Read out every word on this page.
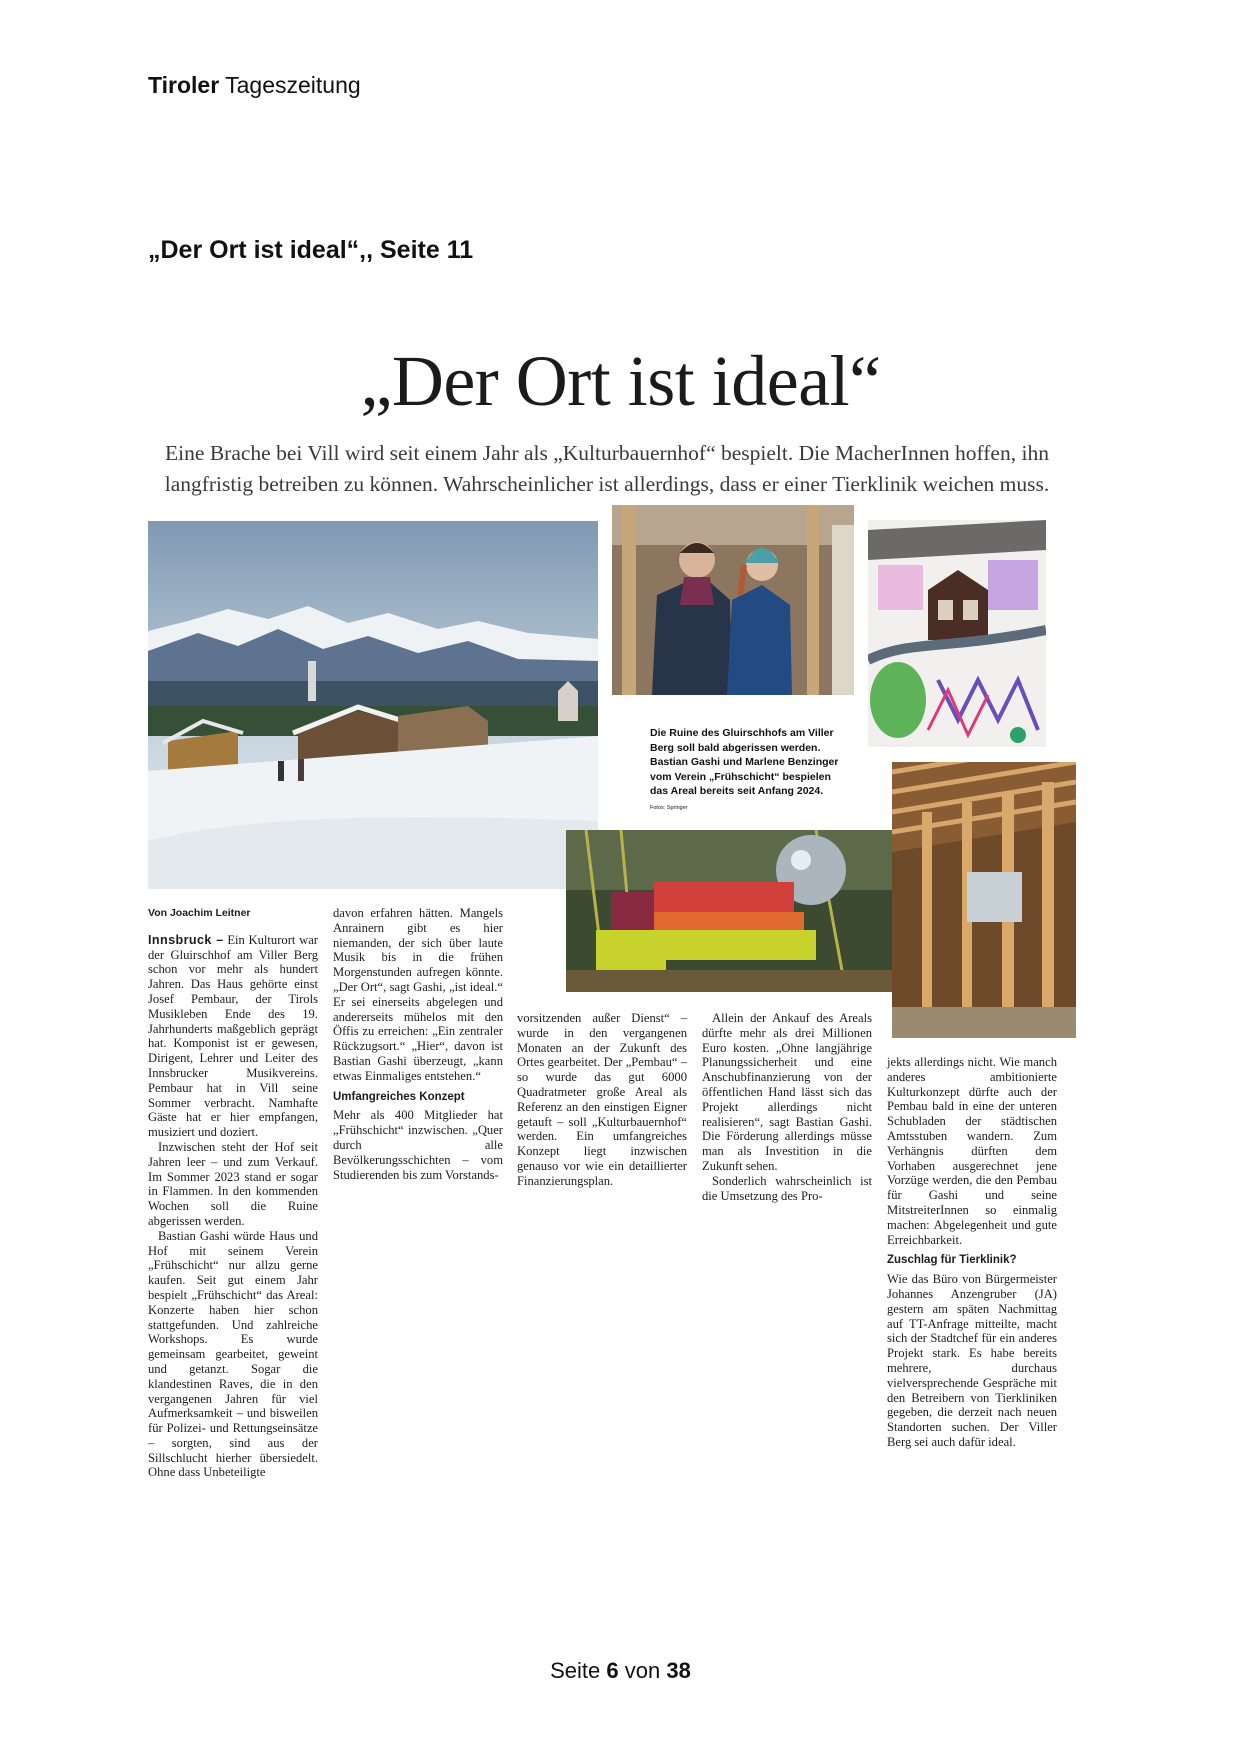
Tiroler Tageszeitung
„Der Ort ist ideal“‚, Seite 11
„Der Ort ist ideal“
Eine Brache bei Vill wird seit einem Jahr als „Kulturbauernhof“ bespielt. Die MacherInnen hoffen, ihn langfristig betreiben zu können. Wahrscheinlicher ist allerdings, dass er einer Tierklinik weichen muss.
Die Ruine des Gluirschhofs am Viller Berg soll bald abgerissen werden. Bastian Gashi und Marlene Benzinger vom Verein „Frühschicht“ bespielen das Areal bereits seit Anfang 2024. Fotos: Springer
Von Joachim Leitner

Innsbruck – Ein Kulturort war der Gluirschhof am Viller Berg schon vor mehr als hundert Jahren. Das Haus gehörte einst Josef Pembaur, der Tirols Musikleben Ende des 19. Jahrhunderts maßgeblich geprägt hat. Komponist ist er gewesen, Dirigent, Lehrer und Leiter des Innsbrucker Musikvereins. Pembaur hat in Vill seine Sommer verbracht. Namhafte Gäste hat er hier empfangen, musiziert und doziert.

Inzwischen steht der Hof seit Jahren leer – und zum Verkauf. Im Sommer 2023 stand er sogar in Flammen. In den kommenden Wochen soll die Ruine abgerissen werden.

Bastian Gashi würde Haus und Hof mit seinem Verein „Frühschicht“ nur allzu gerne kaufen. Seit gut einem Jahr bespielt „Frühschicht“ das Areal: Konzerte haben hier schon stattgefunden. Und zahlreiche Workshops. Es wurde gemeinsam gearbeitet, geweint und getanzt. Sogar die klandestinen Raves, die in den vergangenen Jahren für viel Aufmerksamkeit – und bisweilen für Polizei- und Rettungseinsätze – sorgten, sind aus der Sillschlucht hierher übersiedelt. Ohne dass Unbeteiligte

davon erfahren hätten. Mangels Anrainern gibt es hier niemanden, der sich über laute Musik bis in die frühen Morgenstunden aufregen könnte. „Der Ort“, sagt Gashi, „ist ideal.“ Er sei einerseits abgelegen und andererseits mühelos mit den Öffis zu erreichen: „Ein zentraler Rückzugsort.“ „Hier“, davon ist Bastian Gashi überzeugt, „kann etwas Einmaliges entstehen.“

Umfangreiches Konzept

Mehr als 400 Mitglieder hat „Frühschicht“ inzwischen. „Quer durch alle Bevölkerungsschichten – vom Studierenden bis zum Vorstands-

vorsitzenden außer Dienst“ – wurde in den vergangenen Monaten an der Zukunft des Ortes gearbeitet. Der „Pembau“ – so wurde das gut 6000 Quadratmeter große Areal als Referenz an den einstigen Eigner getauft – soll „Kulturbauernhof“ werden. Ein umfangreiches Konzept liegt inzwischen genauso vor wie ein detaillierter Finanzierungsplan.

Allein der Ankauf des Areals dürfte mehr als drei Millionen Euro kosten. „Ohne langjährige Planungssicherheit und eine Anschubfinanzierung von der öffentlichen Hand lässt sich das Projekt allerdings nicht realisieren“, sagt Bastian Gashi. Die Förderung allerdings müsse man als Investition in die Zukunft sehen.

Sonderlich wahrscheinlich ist die Umsetzung des Pro-

jekts allerdings nicht. Wie manch anderes ambitionierte Kulturkonzept dürfte auch der Pembau bald in eine der unteren Schubladen der städtischen Amtsstuben wandern. Zum Verhängnis dürften dem Vorhaben ausgerechnet jene Vorzüge werden, die den Pembau für Gashi und seine MitstreiterInnen so einmalig machen: Abgelegenheit und gute Erreichbarkeit.

Zuschlag für Tierklinik?

Wie das Büro von Bürgermeister Johannes Anzengruber (JA) gestern am späten Nachmittag auf TT-Anfrage mitteilte, macht sich der Stadtchef für ein anderes Projekt stark. Es habe bereits mehrere, durchaus vielversprechende Gespräche mit den Betreibern von Tierkliniken gegeben, die derzeit nach neuen Standorten suchen. Der Viller Berg sei auch dafür ideal.

Seite 6 von 38
